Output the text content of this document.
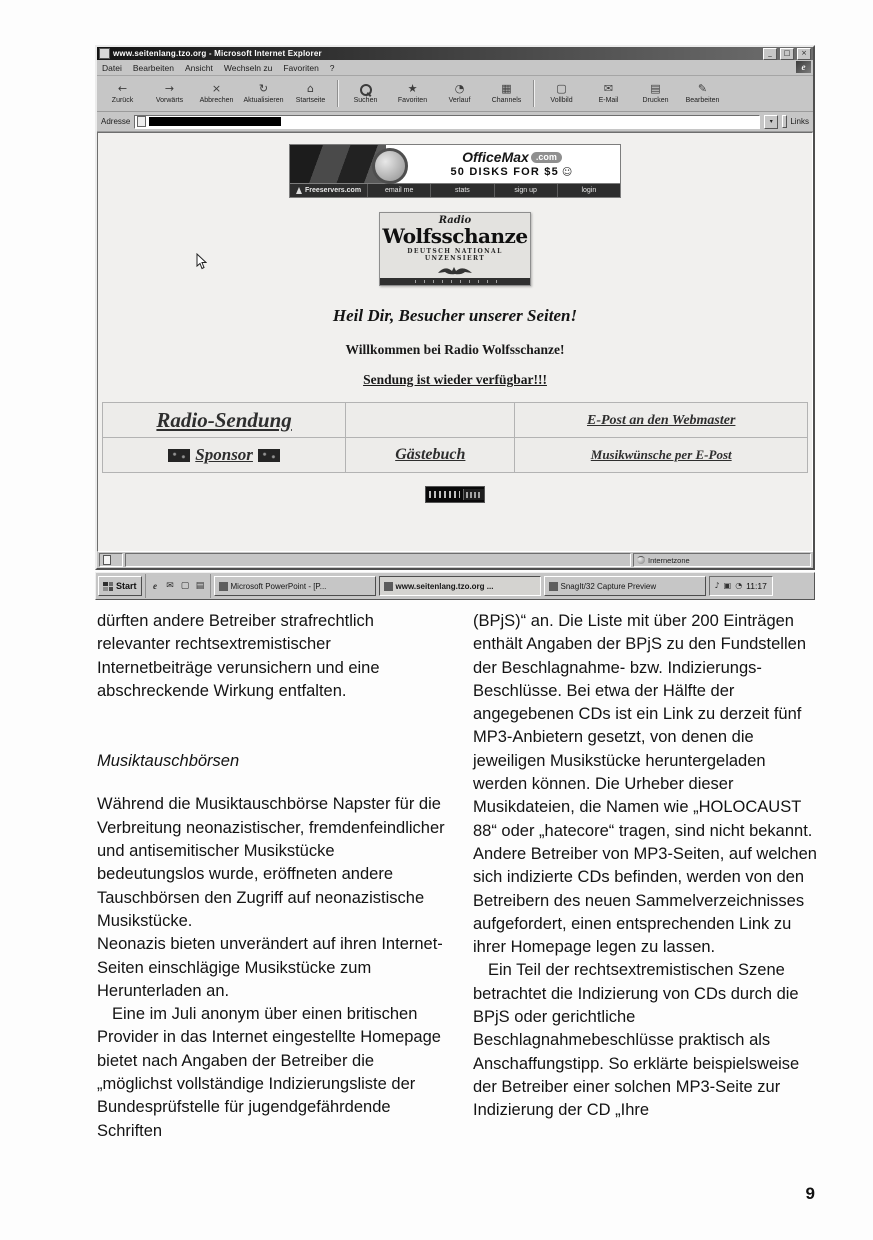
www.seitenlang.tzo.org - Microsoft Internet Explorer	_	□	×
Datei Bearbeiten Ansicht Wechseln zu Favoriten ?	e
←
Zurück
→
Vorwärts
×
Abbrechen
↻
Aktualisieren
⌂
Startseite	Suchen
★
Favoriten
◔
Verlauf
▦
Channels
▢
Vollbild
✉
E-Mail
▤
Drucken
✎
Bearbeiten
Adresse	▾	Links
OfficeMax .com
50 DISKS FOR $5 ☺
Freeservers.com	email me	stats	sign up	login
Radio
Wolfsschanze
DEUTSCH NATIONAL UNZENSIERT
Heil Dir, Besucher unserer Seiten!
Willkommen bei Radio Wolfsschanze!
Sendung ist wieder verfügbar!!!
Radio-Sendung		E-Post an den Webmaster
Sponsor	Gästebuch	Musikwünsche per E-Post
Internetzone
Start	e	✉ ▢ ▤	Microsoft PowerPoint - [P...	www.seitenlang.tzo.org ...	SnagIt/32 Capture Preview	♪ ▣ ◔ 11:17

dürften andere Betreiber strafrechtlich relevanter rechtsextremistischer Internetbeiträge verunsichern und eine abschreckende Wirkung entfalten.

Musiktauschbörsen

Während die Musiktauschbörse Napster für die Verbreitung neonazistischer, fremdenfeindlicher und antisemitischer Musikstücke bedeutungslos wurde, eröffneten andere Tauschbörsen den Zugriff auf neonazistische Musikstücke.

Neonazis bieten unverändert auf ihren Internet-Seiten einschlägige Musikstücke zum Herunterladen an.

Eine im Juli anonym über einen britischen Provider in das Internet eingestellte Homepage bietet nach Angaben der Betreiber die „möglichst vollständige Indizierungsliste der Bundesprüfstelle für jugendgefährdende Schriften

(BPjS)“ an. Die Liste mit über 200 Einträgen enthält Angaben der BPjS zu den Fundstellen der Beschlagnahme- bzw. Indizierungs-Beschlüsse. Bei etwa der Hälfte der angegebenen CDs ist ein Link zu derzeit fünf MP3-Anbietern gesetzt, von denen die jeweiligen Musikstücke heruntergeladen werden können. Die Urheber dieser Musikdateien, die Namen wie „HOLOCAUST 88“ oder „hatecore“ tragen, sind nicht bekannt. Andere Betreiber von MP3-Seiten, auf welchen sich indizierte CDs befinden, werden von den Betreibern des neuen Sammelverzeichnisses aufgefordert, einen entsprechenden Link zu ihrer Homepage legen zu lassen.

Ein Teil der rechtsextremistischen Szene betrachtet die Indizierung von CDs durch die BPjS oder gerichtliche Beschlagnahmebeschlüsse praktisch als Anschaffungstipp. So erklärte beispielsweise der Betreiber einer solchen MP3-Seite zur Indizierung der CD „Ihre

9
